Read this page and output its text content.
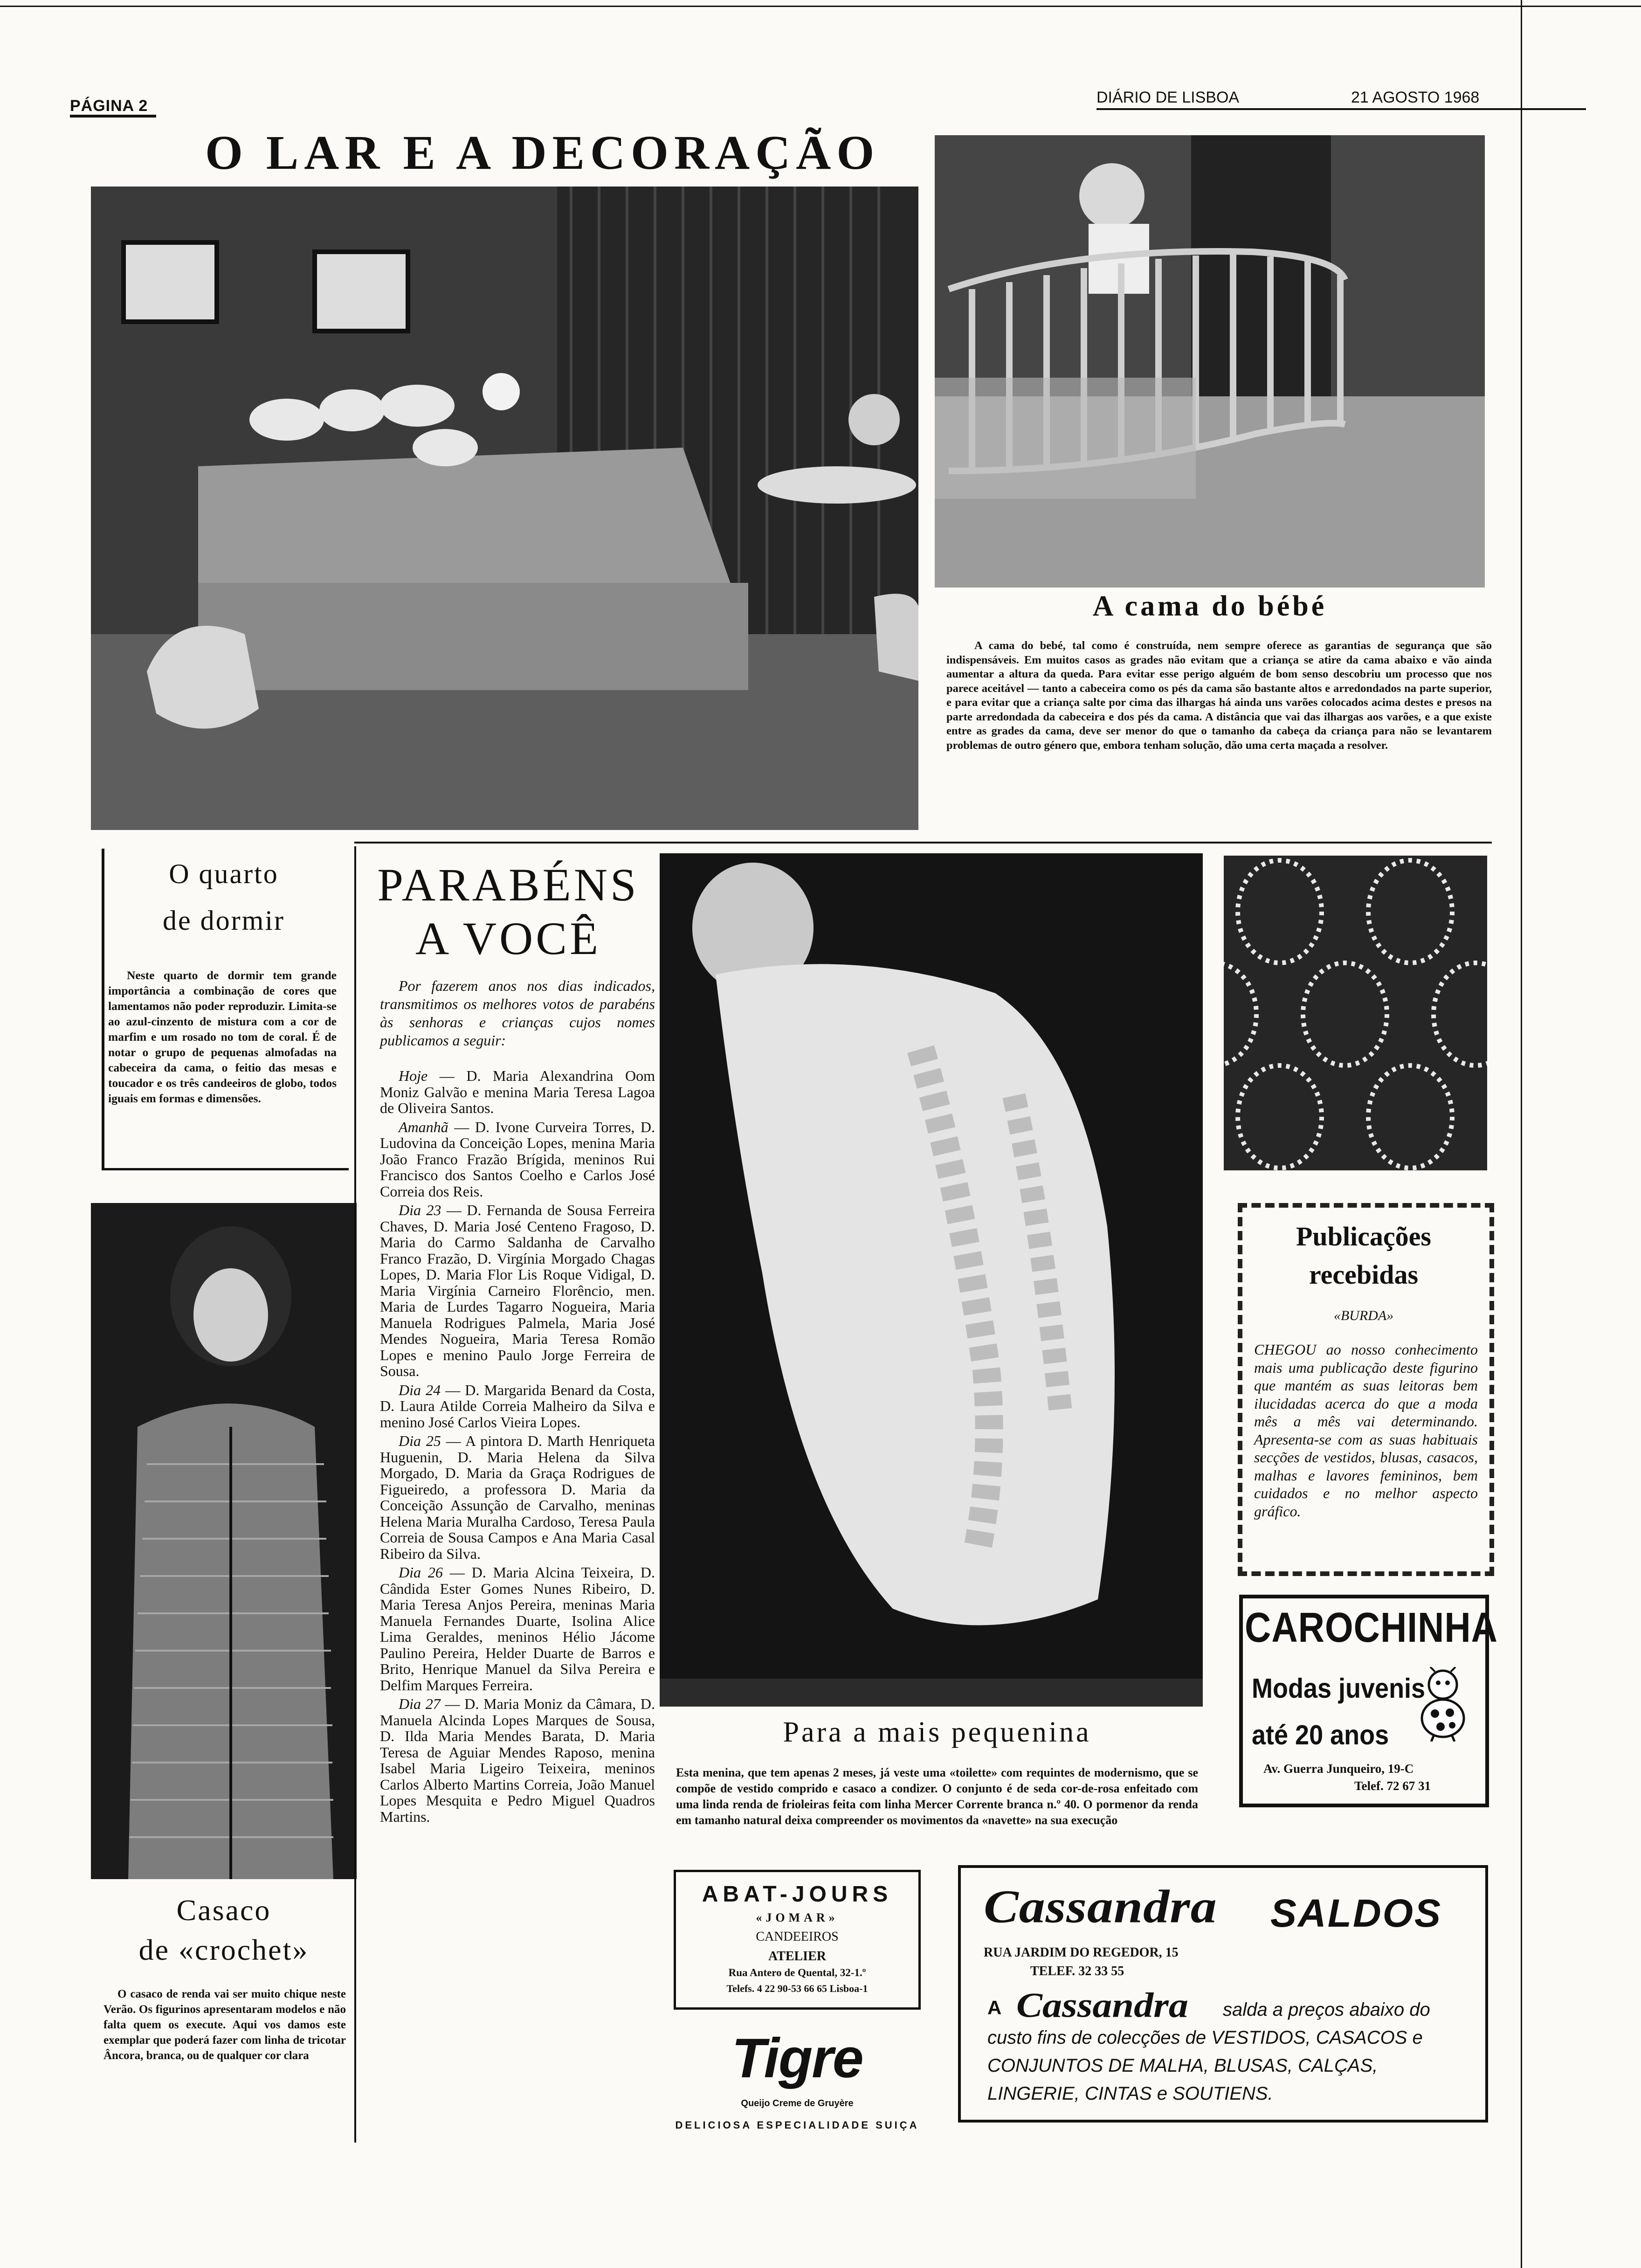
PÁGINA 2	DIÁRIO DE LISBOA	21 AGOSTO 1968
O LAR E A DECORAÇÃO
A cama do bébé
A cama do bebé, tal como é construída, nem sempre oferece as garantias de segurança que são indispensáveis. Em muitos casos as grades não evitam que a criança se atire da cama abaixo e vão ainda aumentar a altura da queda. Para evitar esse perigo alguém de bom senso descobriu um processo que nos parece aceitável — tanto a cabeceira como os pés da cama são bastante altos e arredondados na parte superior, e para evitar que a criança salte por cima das ilhargas há ainda uns varões colocados acima destes e presos na parte arredondada da cabeceira e dos pés da cama. A distância que vai das ilhargas aos varões, e a que existe entre as grades da cama, deve ser menor do que o tamanho da cabeça da criança para não se levantarem problemas de outro género que, embora tenham solução, dão uma certa maçada a resolver.
O quarto
de dormir
Neste quarto de dormir tem grande importância a combinação de cores que lamentamos não poder reproduzir. Limita-se ao azul-cinzento de mistura com a cor de marfim e um rosado no tom de coral. É de notar o grupo de pequenas almofadas na cabeceira da cama, o feitio das mesas e toucador e os três candeeiros de globo, todos iguais em formas e dimensões.
Casaco
de «crochet»
O casaco de renda vai ser muito chique neste Verão. Os figurinos apresentaram modelos e não falta quem os execute. Aqui vos damos este exemplar que poderá fazer com linha de tricotar Âncora, branca, ou de qualquer cor clara
PARABÉNS
A VOCÊ
Por fazerem anos nos dias indicados, transmitimos os melhores votos de parabéns às senhoras e crianças cujos nomes publicamos a seguir:

Hoje — D. Maria Alexandrina Oom Moniz Galvão e menina Maria Teresa Lagoa de Oliveira Santos.

Amanhã — D. Ivone Curveira Torres, D. Ludovina da Conceição Lopes, menina Maria João Franco Frazão Brígida, meninos Rui Francisco dos Santos Coelho e Carlos José Correia dos Reis.

Dia 23 — D. Fernanda de Sousa Ferreira Chaves, D. Maria José Centeno Fragoso, D. Maria do Carmo Saldanha de Carvalho Franco Frazão, D. Virgínia Morgado Chagas Lopes, D. Maria Flor Lis Roque Vidigal, D. Maria Virgínia Carneiro Florêncio, men. Maria de Lurdes Tagarro Nogueira, Maria Manuela Rodrigues Palmela, Maria José Mendes Nogueira, Maria Teresa Romão Lopes e menino Paulo Jorge Ferreira de Sousa.

Dia 24 — D. Margarida Benard da Costa, D. Laura Atilde Correia Malheiro da Silva e menino José Carlos Vieira Lopes.

Dia 25 — A pintora D. Marth Henriqueta Huguenin, D. Maria Helena da Silva Morgado, D. Maria da Graça Rodrigues de Figueiredo, a professora D. Maria da Conceição Assunção de Carvalho, meninas Helena Maria Muralha Cardoso, Teresa Paula Correia de Sousa Campos e Ana Maria Casal Ribeiro da Silva.

Dia 26 — D. Maria Alcina Teixeira, D. Cândida Ester Gomes Nunes Ribeiro, D. Maria Teresa Anjos Pereira, meninas Maria Manuela Fernandes Duarte, Isolina Alice Lima Geraldes, meninos Hélio Jácome Paulino Pereira, Helder Duarte de Barros e Brito, Henrique Manuel da Silva Pereira e Delfim Marques Ferreira.

Dia 27 — D. Maria Moniz da Câmara, D. Manuela Alcinda Lopes Marques de Sousa, D. Ilda Maria Mendes Barata, D. Maria Teresa de Aguiar Mendes Raposo, menina Isabel Maria Ligeiro Teixeira, meninos Carlos Alberto Martins Correia, João Manuel Lopes Mesquita e Pedro Miguel Quadros Martins.

Para a mais pequenina
Esta menina, que tem apenas 2 meses, já veste uma «toilette» com requintes de modernismo, que se compõe de vestido comprido e casaco a condizer. O conjunto é de seda cor-de-rosa enfeitado com uma linda renda de frioleiras feita com linha Mercer Corrente branca n.º 40. O pormenor da renda em tamanho natural deixa compreender os movimentos da «navette» na sua execução
Publicações
recebidas
«BURDA»
CHEGOU ao nosso conhecimento mais uma publicação deste figurino que mantém as suas leitoras bem ilucidadas acerca do que a moda mês a mês vai determinando. Apresenta-se com as suas habituais secções de vestidos, blusas, casacos, malhas e lavores femininos, bem cuidados e no melhor aspecto gráfico.
CAROCHINHA
Modas juvenis
até 20 anos
Av. Guerra Junqueiro, 19-C
Telef. 72 67 31
ABAT-JOURS
«JOMAR»
CANDEEIROS
ATELIER
Rua Antero de Quental, 32-1.º
Telefs. 4 22 90-53 66 65 Lisboa-1
Tigre
Queijo Creme de Gruyère
DELICIOSA ESPECIALIDADE SUIÇA
Cassandra SALDOS
RUA JARDIM DO REGEDOR, 15
TELEF. 32 33 55
A Cassandra	salda a preços abaixo do custo fins de colecções de VESTIDOS, CASACOS e CONJUNTOS DE MALHA, BLUSAS, CALÇAS, LINGERIE, CINTAS e SOUTIENS.
